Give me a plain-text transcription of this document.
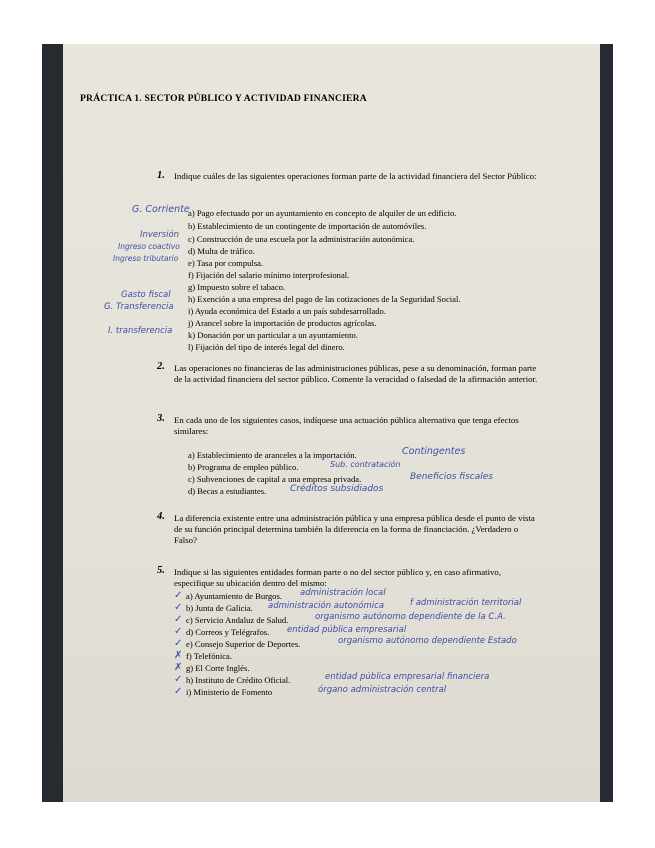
PRÁCTICA 1. SECTOR PÚBLICO Y ACTIVIDAD FINANCIERA
1. Indique cuáles de las siguientes operaciones forman parte de la actividad financiera del Sector Público:
a) Pago efectuado por un ayuntamiento en concepto de alquiler de un edificio.
b) Establecimiento de un contingente de importación de automóviles.
c) Construcción de una escuela por la administración autonómica.
d) Multa de tráfico.
e) Tasa por compulsa.
f) Fijación del salario mínimo interprofesional.
g) Impuesto sobre el tabaco.
h) Exención a una empresa del pago de las cotizaciones de la Seguridad Social.
i) Ayuda económica del Estado a un país subdesarrollado.
j) Arancel sobre la importación de productos agrícolas.
k) Donación por un particular a un ayuntamiento.
l) Fijación del tipo de interés legal del dinero.
G. Corriente
Inversión
Ingreso coactivo
Ingreso tributario
Gasto fiscal
G. Transferencia
I. transferencia
2. Las operaciones no financieras de las administraciones públicas, pese a su denominación, forman parte de la actividad financiera del sector público. Comente la veracidad o falsedad de la afirmación anterior.
3. En cada uno de los siguientes casos, indíquese una actuación pública alternativa que tenga efectos similares:
a) Establecimiento de aranceles a la importación.
b) Programa de empleo público.
c) Subvenciones de capital a una empresa privada.
d) Becas a estudiantes.
Contingentes
Sub. contratación
Beneficios fiscales
Créditos subsidiados
4. La diferencia existente entre una administración pública y una empresa pública desde el punto de vista de su función principal determina también la diferencia en la forma de financiación. ¿Verdadero o Falso?
5. Indique si las siguientes entidades forman parte o no del sector público y, en caso afirmativo, especifique su ubicación dentro del mismo:
✓
✓
✓
✓
✓
✗
✗
✓
✓
a) Ayuntamiento de Burgos.
b) Junta de Galicia.
c) Servicio Andaluz de Salud.
d) Correos y Telégrafos.
e) Consejo Superior de Deportes.
f) Telefónica.
g) El Corte Inglés.
h) Instituto de Crédito Oficial.
i) Ministerio de Fomento
administración local
administración autonómica	f administración territorial
organismo autónomo dependiente de la C.A.
entidad pública empresarial
organismo autónomo dependiente Estado
entidad pública empresarial financiera
órgano administración central
